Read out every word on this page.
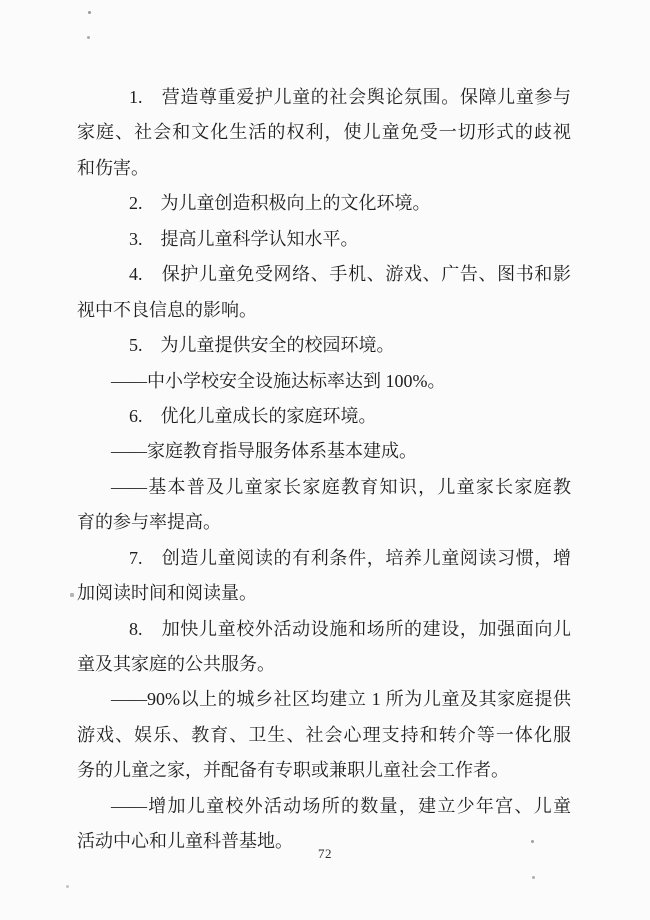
1.　营造尊重爱护儿童的社会舆论氛围。保障儿童参与
家庭、社会和文化生活的权利，使儿童免受一切形式的歧视
和伤害。
2.　为儿童创造积极向上的文化环境。
3.　提高儿童科学认知水平。
4.　保护儿童免受网络、手机、游戏、广告、图书和影
视中不良信息的影响。
5.　为儿童提供安全的校园环境。
——中小学校安全设施达标率达到 100%。
6.　优化儿童成长的家庭环境。
——家庭教育指导服务体系基本建成。
——基本普及儿童家长家庭教育知识，儿童家长家庭教
育的参与率提高。
7.　创造儿童阅读的有利条件，培养儿童阅读习惯，增
加阅读时间和阅读量。
8.　加快儿童校外活动设施和场所的建设，加强面向儿
童及其家庭的公共服务。
——90%以上的城乡社区均建立 1 所为儿童及其家庭提供
游戏、娱乐、教育、卫生、社会心理支持和转介等一体化服
务的儿童之家，并配备有专职或兼职儿童社会工作者。
——增加儿童校外活动场所的数量，建立少年宫、儿童
活动中心和儿童科普基地。
72
